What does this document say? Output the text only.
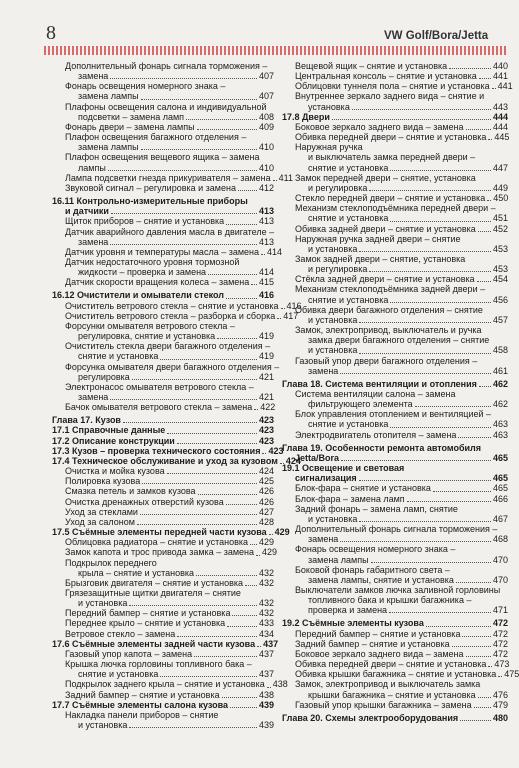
8	VW Golf/Bora/Jetta
Дополнительный фонарь сигнала торможения –
замена	407
Фонарь освещения номерного знака –
замена лампы	407
Плафоны освещения салона и индивидуальной
подсветки – замена ламп	408
Фонарь двери – замена лампы	409
Плафон освещения багажного отделения –
замена лампы	410
Плафон освещения вещевого ящика – замена
лампы	410
Лампа подсветки гнезда прикуривателя – замена 411
Звуковой сигнал – регулировка и замена	412
16.11 Контрольно-измерительные приборы
и датчики	413
Щиток приборов – снятие и установка	413
Датчик аварийного давления масла в двигателе –
замена	413
Датчик уровня и температуры масла – замена 414
Датчик недостаточного уровня тормозной
жидкости – проверка и замена	414
Датчик скорости вращения колеса – замена 415
16.12 Очистители и омыватели стекол	416
Очиститель ветрового стекла – снятие и установка 416
Очиститель ветрового стекла – разборка и сборка 417
Форсунки омывателя ветрового стекла –
регулировка, снятие и установка	419
Очиститель стекла двери багажного отделения –
снятие и установка	419
Форсунка омывателя двери багажного отделения –
регулировка	421
Электронасос омывателя ветрового стекла –
замена	421
Бачок омывателя ветрового стекла – замена 422
Глава 17. Кузов	423
17.1 Справочные данные	423
17.2 Описание конструкции	423
17.3 Кузов – проверка технического состояния 423
17.4 Техническое обслуживание и уход за кузовом 424
Очистка и мойка кузова	424
Полировка кузова	425
Смазка петель и замков кузова	426
Очистка дренажных отверстий кузова	426
Уход за стеклами	427
Уход за салоном	428
17.5 Съёмные элементы передней части кузова 429
Облицовка радиатора – снятие и установка 429
Замок капота и трос привода замка – замена 429
Подкрылок переднего
крыла – снятие и установка	432
Брызговик двигателя – снятие и установка 432
Грязезащитные щитки двигателя – снятие
и установка	432
Передний бампер – снятие и установка	432
Переднее крыло – снятие и установка	433
Ветровое стекло – замена	434
17.6 Съёмные элементы задней части кузова 437
Газовый упор капота – замена	437
Крышка лючка горловины топливного бака –
снятие и установка	437
Подкрылок заднего крыла – снятие и установка 438
Задний бампер – снятие и установка	438
17.7 Съёмные элементы салона кузова	439
Накладка панели приборов – снятие
и установка	439
Вещевой ящик – снятие и установка	440
Центральная консоль – снятие и установка 441
Облицовки туннеля пола – снятие и установка 441
Внутреннее зеркало заднего вида – снятие и
установка	443
17.8 Двери	444
Боковое зеркало заднего вида – замена	444
Обивка передней двери – снятие и установка 445
Наружная ручка
и выключатель замка передней двери –
снятие и установка	447
Замок передней двери – снятие, установка
и регулировка	449
Стекло передней двери – снятие и установка 450
Механизм стеклоподъёмника передней двери –
снятие и установка	451
Обивка задней двери – снятие и установка 452
Наружная ручка задней двери – снятие
и установка	453
Замок задней двери – снятие, установка
и регулировка	453
Стёкла задней двери – снятие и установка 454
Механизм стеклоподъёмника задней двери –
снятие и установка	456
Обивка двери багажного отделения – снятие
и установка	457
Замок, электропривод, выключатель и ручка
замка двери багажного отделения – снятие
и установка	458
Газовый упор двери багажного отделения –
замена	461
Глава 18. Система вентиляции и отопления 462
Система вентиляции салона – замена
фильтрующего элемента	462
Блок управления отоплением и вентиляцией –
снятие и установка	463
Электродвигатель отопителя – замена	463
Глава 19. Особенности ремонта автомобиля
Jetta/Bora	465
19.1 Освещение и световая
сигнализация	465
Блок-фара – снятие и установка	465
Блок-фара – замена ламп	466
Задний фонарь – замена ламп, снятие
и установка	467
Дополнительный фонарь сигнала торможения –
замена	468
Фонарь освещения номерного знака –
замена лампы	470
Боковой фонарь габаритного света –
замена лампы, снятие и установка	470
Выключатели замков лючка заливной горловины
топливного бака и крышки багажника –
проверка и замена	471
19.2 Съёмные элементы кузова	472
Передний бампер – снятие и установка	472
Задний бампер – снятие и установка	472
Боковое зеркало заднего вида – замена	472
Обивка передней двери – снятие и установка 473
Обивка крышки багажника – снятие и установка 475
Замок, электропривод и выключатель замка
крышки багажника – снятие и установка 476
Газовый упор крышки багажника – замена 479
Глава 20. Схемы электрооборудования	480
